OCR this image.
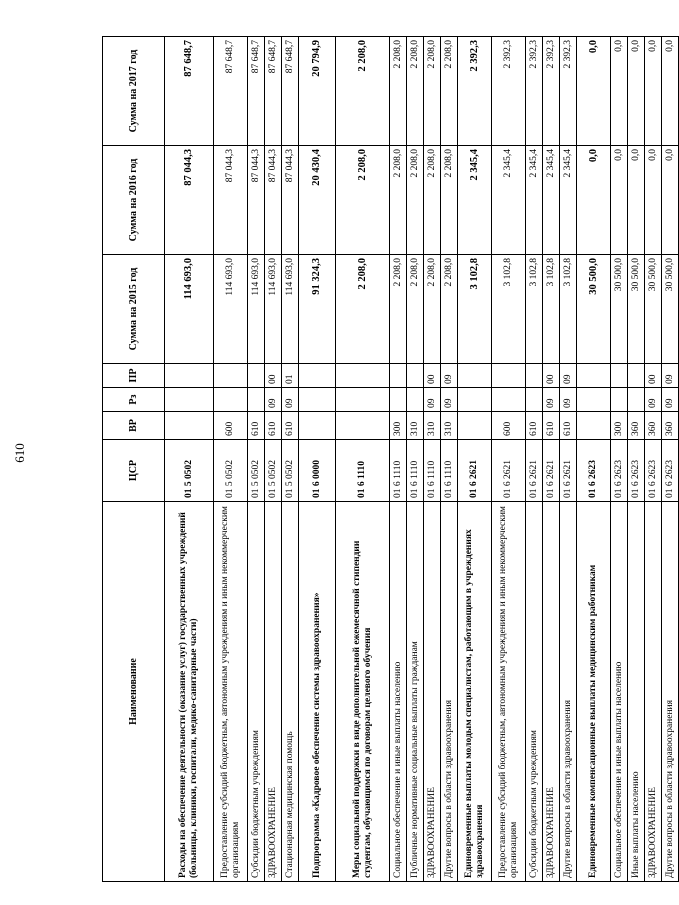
610
Наименование	ЦСР	ВР	Рз	ПР	Сумма на 2015 год	Сумма на 2016 год	Сумма на 2017 год
Расходы на обеспечение деятельности (оказание услуг) государственных учреждений (больницы, клиники, госпитали, медико-санитарные части)	01 5 0502				114 693,0	87 044,3	87 648,7
Предоставление субсидий бюджетным, автономным учреждениям и иным некоммерческим организациям	01 5 0502	600			114 693,0	87 044,3	87 648,7
Субсидии бюджетным учреждениям	01 5 0502	610			114 693,0	87 044,3	87 648,7
ЗДРАВООХРАНЕНИЕ	01 5 0502	610	09	00	114 693,0	87 044,3	87 648,7
Стационарная медицинская помощь	01 5 0502	610	09	01	114 693,0	87 044,3	87 648,7
Подпрограмма «Кадровое обеспечение системы здравоохранения»	01 6 0000				91 324,3	20 430,4	20 794,9
Меры социальной поддержки в виде дополнительной ежемесячной стипендии студентам, обучающимся по договорам целевого обучения	01 6 1110				2 208,0	2 208,0	2 208,0
Социальное обеспечение и иные выплаты населению	01 6 1110	300			2 208,0	2 208,0	2 208,0
Публичные нормативные социальные выплаты гражданам	01 6 1110	310			2 208,0	2 208,0	2 208,0
ЗДРАВООХРАНЕНИЕ	01 6 1110	310	09	00	2 208,0	2 208,0	2 208,0
Другие вопросы в области здравоохранения	01 6 1110	310	09	09	2 208,0	2 208,0	2 208,0
Единовременные выплаты молодым специалистам, работающим в учреждениях здравоохранения	01 6 2621				3 102,8	2 345,4	2 392,3
Предоставление субсидий бюджетным, автономным учреждениям и иным некоммерческим организациям	01 6 2621	600			3 102,8	2 345,4	2 392,3
Субсидии бюджетным учреждениям	01 6 2621	610			3 102,8	2 345,4	2 392,3
ЗДРАВООХРАНЕНИЕ	01 6 2621	610	09	00	3 102,8	2 345,4	2 392,3
Другие вопросы в области здравоохранения	01 6 2621	610	09	09	3 102,8	2 345,4	2 392,3
Единовременные компенсационные выплаты медицинским работникам	01 6 2623				30 500,0	0,0	0,0
Социальное обеспечение и иные выплаты населению	01 6 2623	300			30 500,0	0,0	0,0
Иные выплаты населению	01 6 2623	360			30 500,0	0,0	0,0
ЗДРАВООХРАНЕНИЕ	01 6 2623	360	09	00	30 500,0	0,0	0,0
Другие вопросы в области здравоохранения	01 6 2623	360	09	09	30 500,0	0,0	0,0
